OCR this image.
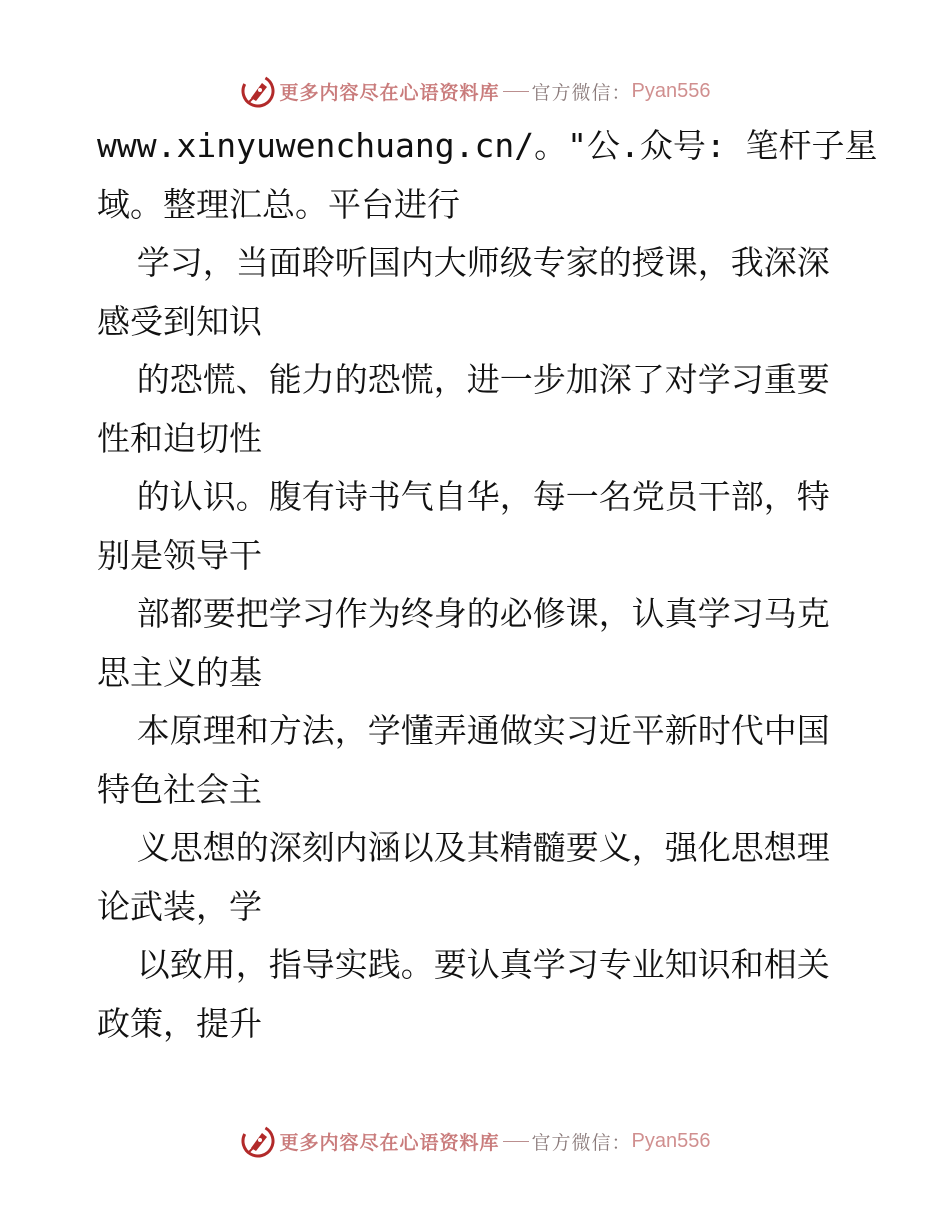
更多内容尽在心语资料库 官方微信： Pyan556
www.xinyuwenchuang.cn/。"公.众号: 笔杆子星
域。整理汇总。平台进行
学习，当面聆听国内大师级专家的授课，我深深
感受到知识
的恐慌、能力的恐慌，进一步加深了对学习重要
性和迫切性
的认识。腹有诗书气自华，每一名党员干部，特
别是领导干
部都要把学习作为终身的必修课，认真学习马克
思主义的基
本原理和方法，学懂弄通做实习近平新时代中国
特色社会主
义思想的深刻内涵以及其精髓要义，强化思想理
论武装，学
以致用，指导实践。要认真学习专业知识和相关
政策，提升
更多内容尽在心语资料库 官方微信： Pyan556
